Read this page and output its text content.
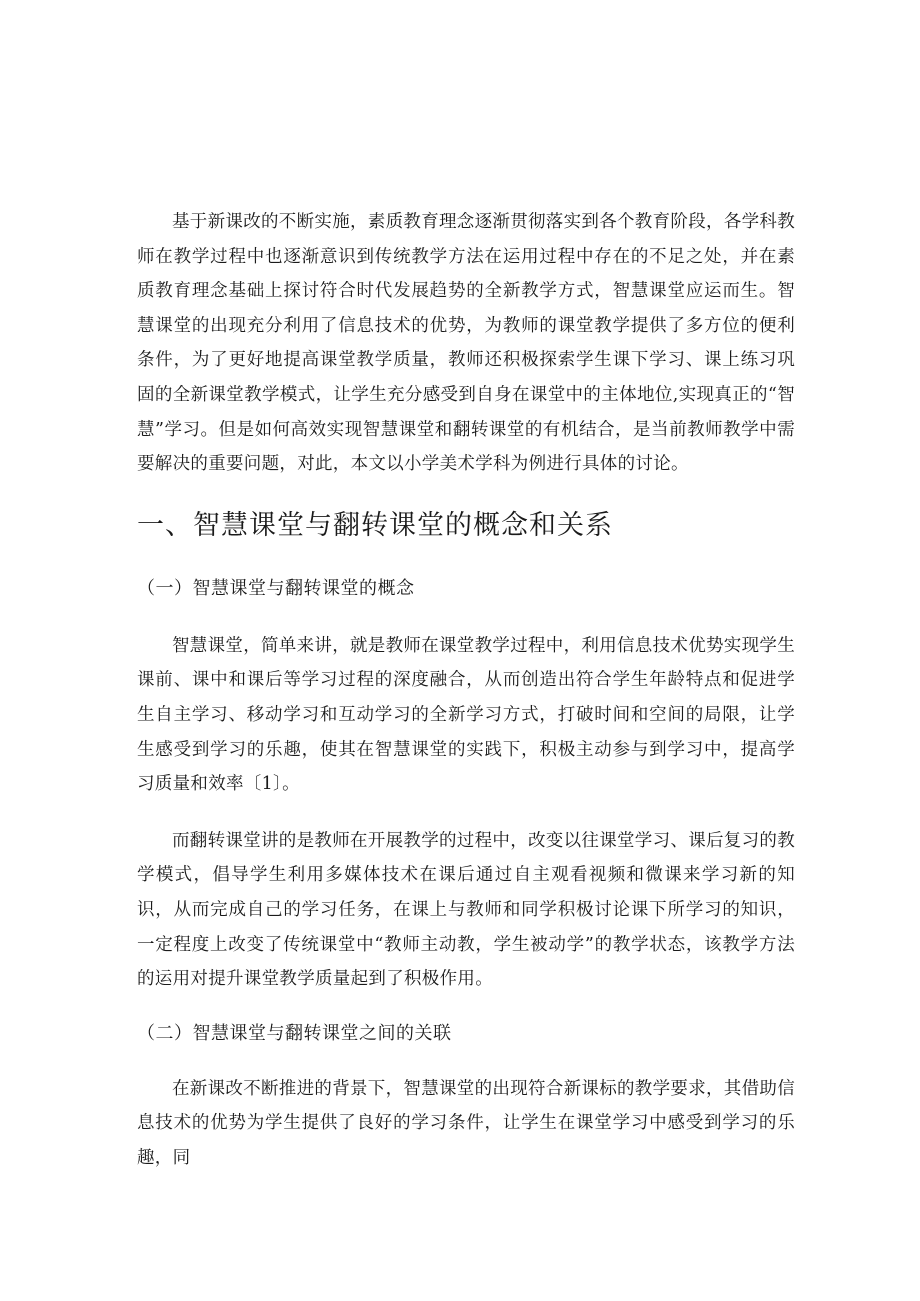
基于新课改的不断实施，素质教育理念逐渐贯彻落实到各个教育阶段，各学科教师在教学过程中也逐渐意识到传统教学方法在运用过程中存在的不足之处，并在素质教育理念基础上探讨符合时代发展趋势的全新教学方式，智慧课堂应运而生。智慧课堂的出现充分利用了信息技术的优势，为教师的课堂教学提供了多方位的便利条件，为了更好地提高课堂教学质量，教师还积极探索学生课下学习、课上练习巩固的全新课堂教学模式，让学生充分感受到自身在课堂中的主体地位,实现真正的“智慧”学习。但是如何高效实现智慧课堂和翻转课堂的有机结合，是当前教师教学中需要解决的重要问题，对此，本文以小学美术学科为例进行具体的讨论。

一、智慧课堂与翻转课堂的概念和关系
（一）智慧课堂与翻转课堂的概念

智慧课堂，简单来讲，就是教师在课堂教学过程中，利用信息技术优势实现学生课前、课中和课后等学习过程的深度融合，从而创造出符合学生年龄特点和促进学生自主学习、移动学习和互动学习的全新学习方式，打破时间和空间的局限，让学生感受到学习的乐趣，使其在智慧课堂的实践下，积极主动参与到学习中，提高学习质量和效率〔1〕。

而翻转课堂讲的是教师在开展教学的过程中，改变以往课堂学习、课后复习的教学模式，倡导学生利用多媒体技术在课后通过自主观看视频和微课来学习新的知识，从而完成自己的学习任务，在课上与教师和同学积极讨论课下所学习的知识，一定程度上改变了传统课堂中“教师主动教，学生被动学”的教学状态，该教学方法的运用对提升课堂教学质量起到了积极作用。

（二）智慧课堂与翻转课堂之间的关联

在新课改不断推进的背景下，智慧课堂的出现符合新课标的教学要求，其借助信息技术的优势为学生提供了良好的学习条件，让学生在课堂学习中感受到学习的乐趣，同
